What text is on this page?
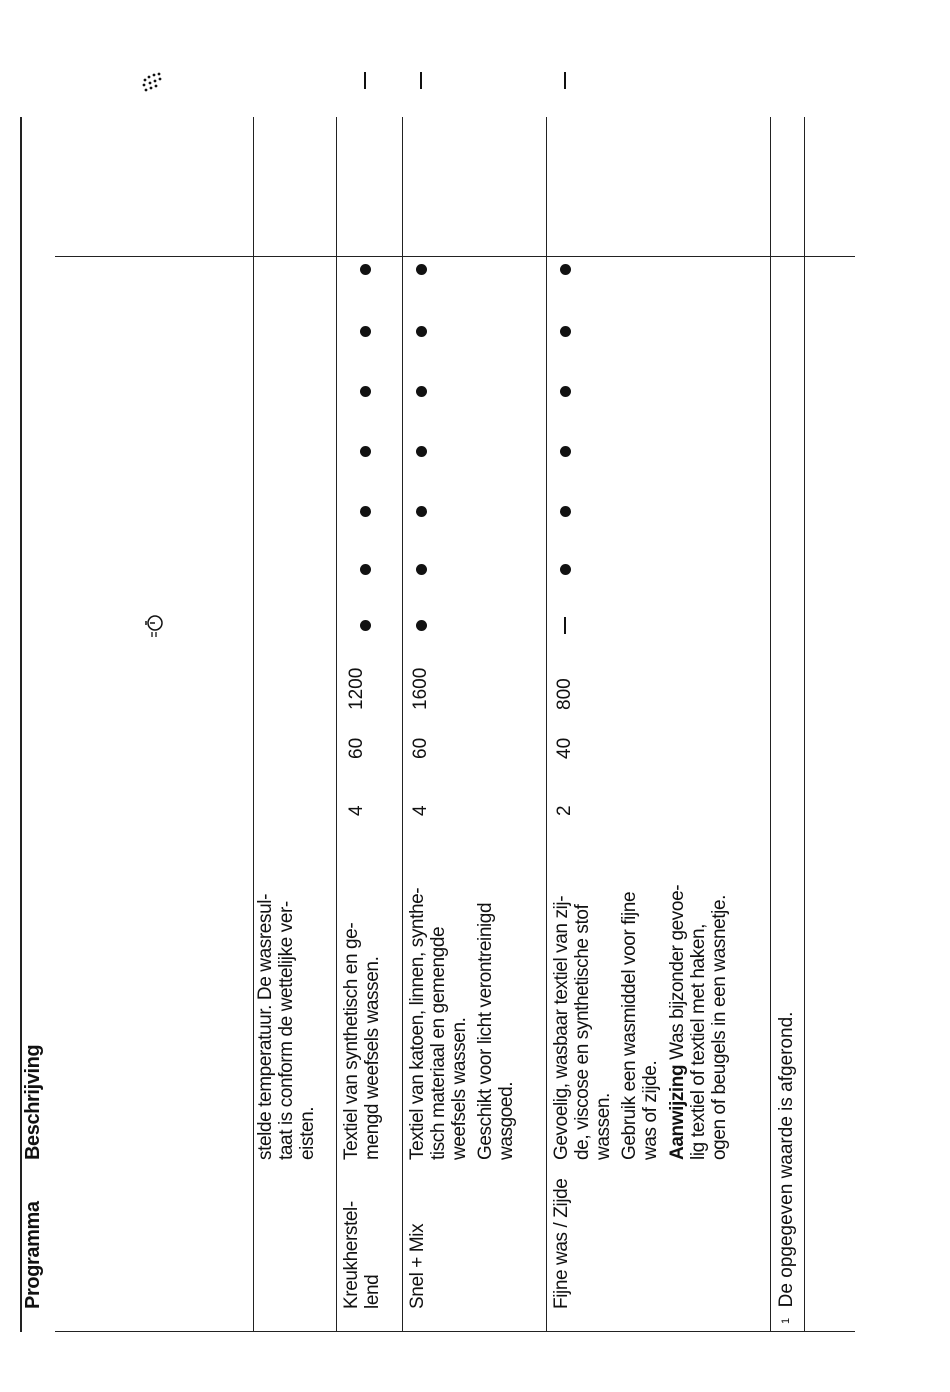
Programma
Beschrijving	stelde temperatuur. De wasresul- taat is conform de wettelijke ver- eisten.
Kreukherstel- lend
Textiel van synthetisch en ge- mengd weefsels wassen.
Snel + Mix
Textiel van katoen, linnen, synthe- tisch materiaal en gemengde weefsels wassen. Geschikt voor licht verontreinigd wasgoed.
Fijne was / Zijde
Gevoelig, wasbaar textiel van zij- de, viscose en synthetische stof wassen. Gebruik een wasmiddel voor fijne was of zijde. Aanwijzing Was bijzonder gevoe- lig textiel of textiel met haken, ogen of beugels in een wasnetje.
4
60
1200
4
60
1600
2
40
800
$^1$  De opgegeven waarde is afgerond.
